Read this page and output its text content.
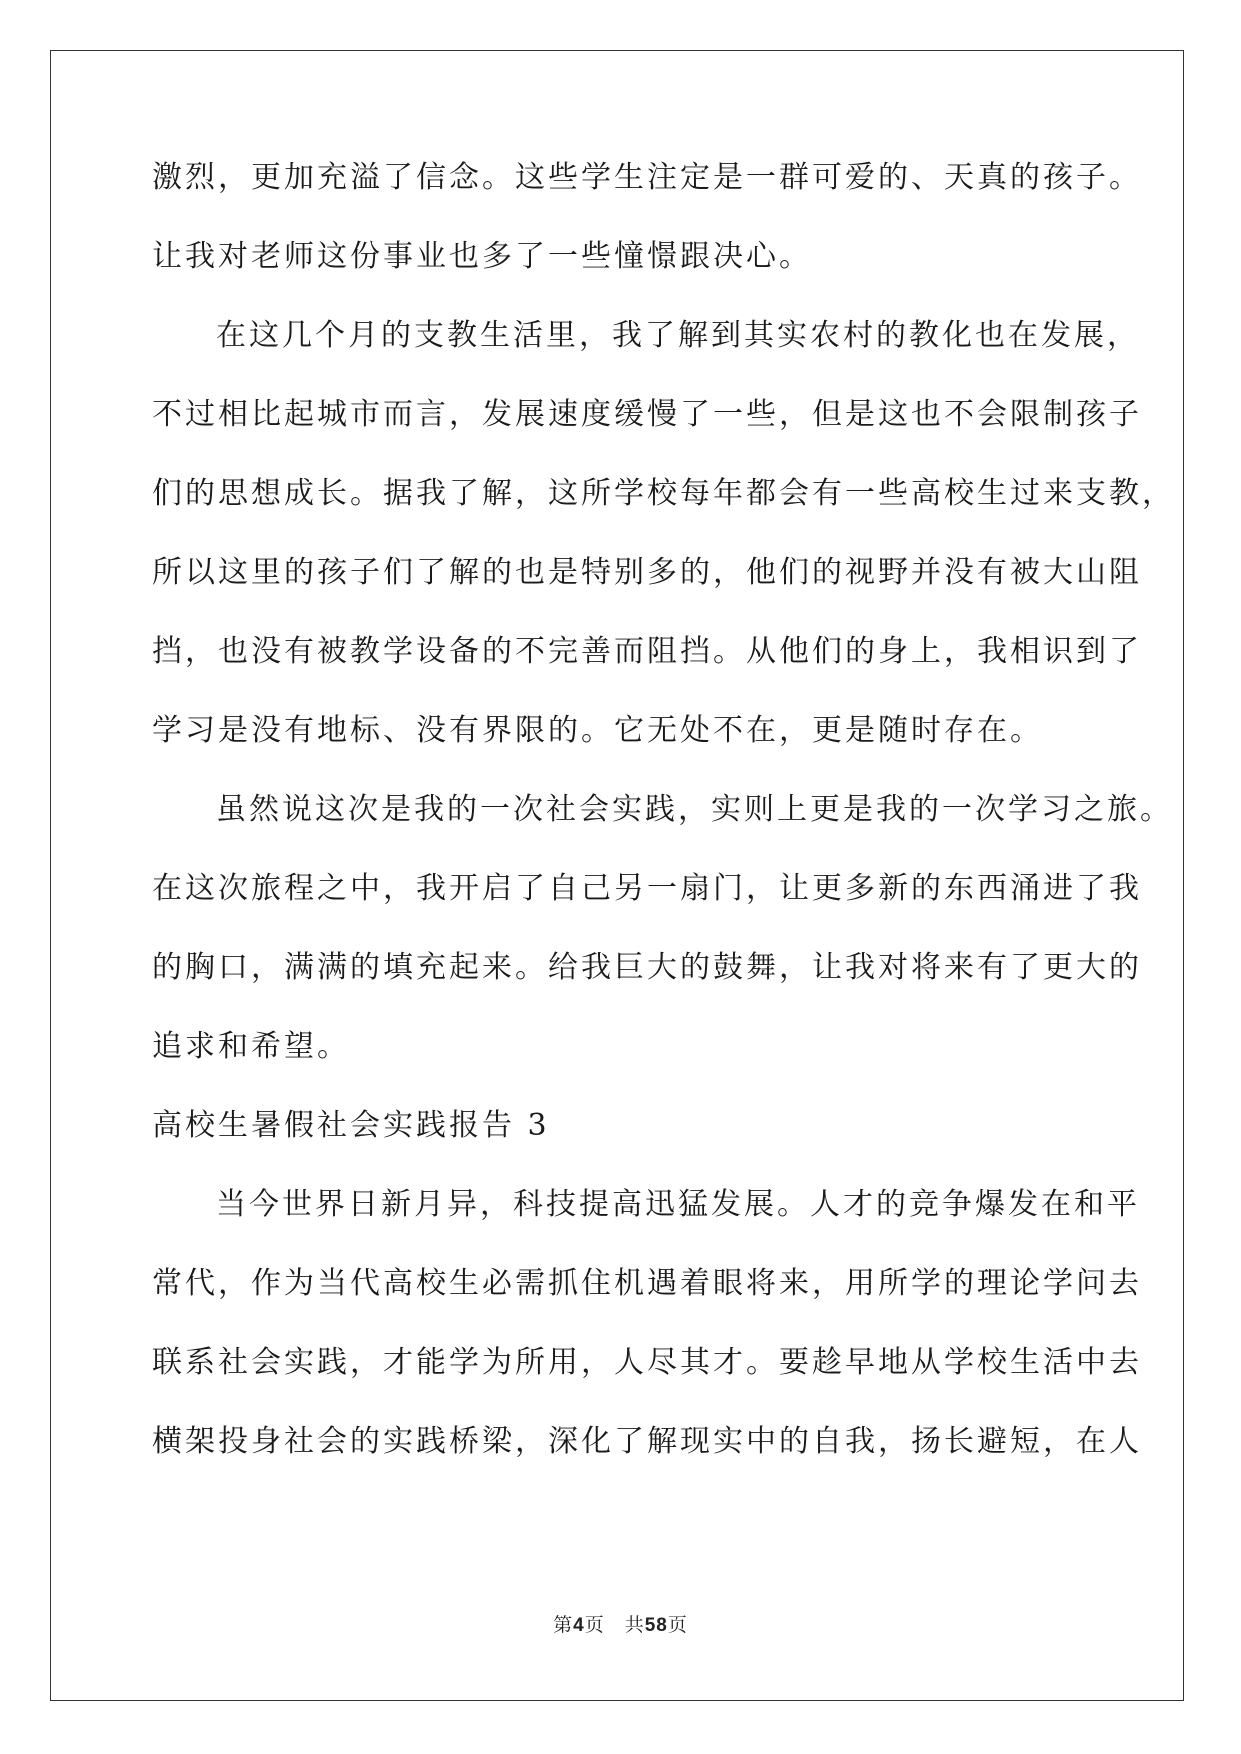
激烈，更加充溢了信念。这些学生注定是一群可爱的、天真的孩子。
让我对老师这份事业也多了一些憧憬跟决心。
在这几个月的支教生活里，我了解到其实农村的教化也在发展，
不过相比起城市而言，发展速度缓慢了一些，但是这也不会限制孩子
们的思想成长。据我了解，这所学校每年都会有一些高校生过来支教，
所以这里的孩子们了解的也是特别多的，他们的视野并没有被大山阻
挡，也没有被教学设备的不完善而阻挡。从他们的身上，我相识到了
学习是没有地标、没有界限的。它无处不在，更是随时存在。
虽然说这次是我的一次社会实践，实则上更是我的一次学习之旅。
在这次旅程之中，我开启了自己另一扇门，让更多新的东西涌进了我
的胸口，满满的填充起来。给我巨大的鼓舞，让我对将来有了更大的
追求和希望。
高校生暑假社会实践报告 3
当今世界日新月异，科技提高迅猛发展。人才的竞争爆发在和平
常代，作为当代高校生必需抓住机遇着眼将来，用所学的理论学问去
联系社会实践，才能学为所用，人尽其才。要趁早地从学校生活中去
横架投身社会的实践桥梁，深化了解现实中的自我，扬长避短，在人
第4页　共58页
